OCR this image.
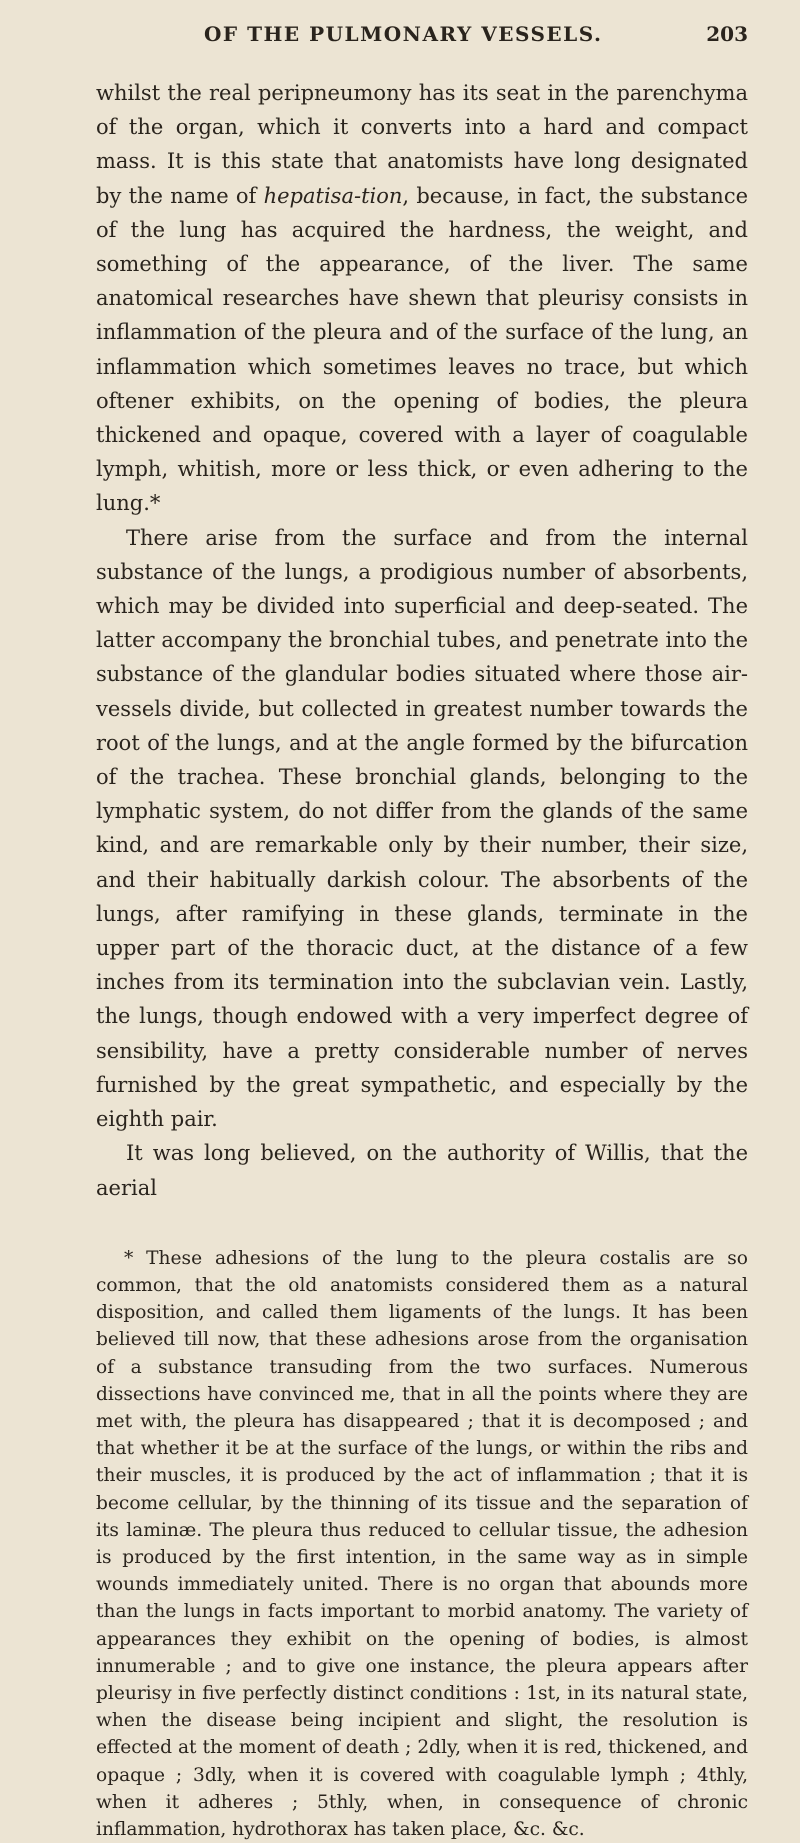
OF THE PULMONARY VESSELS.	203

whilst the real peripneumony has its seat in the parenchyma of the organ, which it converts into a hard and compact mass. It is this state that anatomists have long designated by the name of hepatisa-tion, because, in fact, the substance of the lung has acquired the hardness, the weight, and something of the appearance, of the liver. The same anatomical researches have shewn that pleurisy consists in inflammation of the pleura and of the surface of the lung, an inflammation which sometimes leaves no trace, but which oftener exhibits, on the opening of bodies, the pleura thickened and opaque, covered with a layer of coagulable lymph, whitish, more or less thick, or even adhering to the lung.*

There arise from the surface and from the internal substance of the lungs, a prodigious number of absorbents, which may be divided into superficial and deep-seated. The latter accompany the bronchial tubes, and penetrate into the substance of the glandular bodies situated where those air-vessels divide, but collected in greatest number towards the root of the lungs, and at the angle formed by the bifurcation of the trachea. These bronchial glands, belonging to the lymphatic system, do not differ from the glands of the same kind, and are remarkable only by their number, their size, and their habitually darkish colour. The absorbents of the lungs, after ramifying in these glands, terminate in the upper part of the thoracic duct, at the distance of a few inches from its termination into the subclavian vein. Lastly, the lungs, though endowed with a very imperfect degree of sensibility, have a pretty considerable number of nerves furnished by the great sympathetic, and especially by the eighth pair.

It was long believed, on the authority of Willis, that the aerial

* These adhesions of the lung to the pleura costalis are so common, that the old anatomists considered them as a natural disposition, and called them ligaments of the lungs. It has been believed till now, that these adhesions arose from the organisation of a substance transuding from the two surfaces. Numerous dissections have convinced me, that in all the points where they are met with, the pleura has disappeared ; that it is decomposed ; and that whether it be at the surface of the lungs, or within the ribs and their muscles, it is produced by the act of inflammation ; that it is become cellular, by the thinning of its tissue and the separation of its laminæ. The pleura thus reduced to cellular tissue, the adhesion is produced by the first intention, in the same way as in simple wounds immediately united. There is no organ that abounds more than the lungs in facts important to morbid anatomy. The variety of appearances they exhibit on the opening of bodies, is almost innumerable ; and to give one instance, the pleura appears after pleurisy in five perfectly distinct conditions : 1st, in its natural state, when the disease being incipient and slight, the resolution is effected at the moment of death ; 2dly, when it is red, thickened, and opaque ; 3dly, when it is covered with coagulable lymph ; 4thly, when it adheres ; 5thly, when, in consequence of chronic inflammation, hydrothorax has taken place, &c. &c.
